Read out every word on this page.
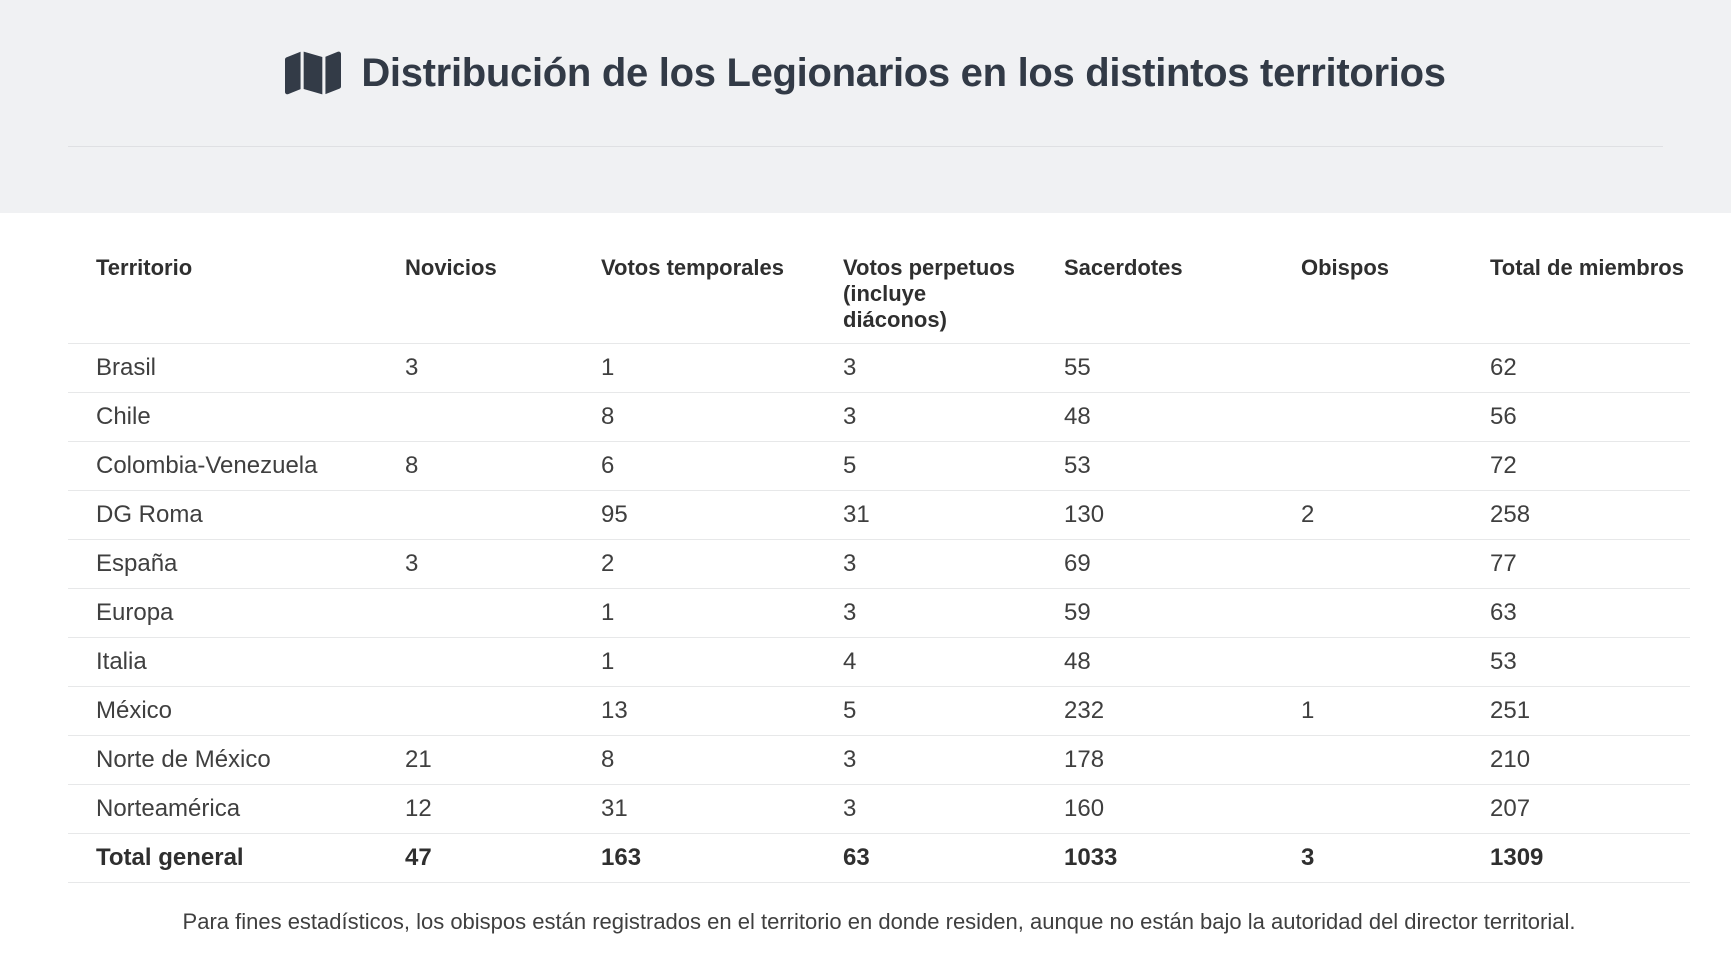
Distribución de los Legionarios en los distintos territorios
Territorio	Novicios	Votos temporales	Votos perpetuos (incluye diáconos)	Sacerdotes	Obispos	Total de miembros
Brasil	3	1	3	55		62
Chile		8	3	48		56
Colombia-Venezuela	8	6	5	53		72
DG Roma		95	31	130	2	258
España	3	2	3	69		77
Europa		1	3	59		63
Italia		1	4	48		53
México		13	5	232	1	251
Norte de México	21	8	3	178		210
Norteamérica	12	31	3	160		207
Total general	47	163	63	1033	3	1309

Para fines estadísticos, los obispos están registrados en el territorio en donde residen, aunque no están bajo la autoridad del director territorial.
